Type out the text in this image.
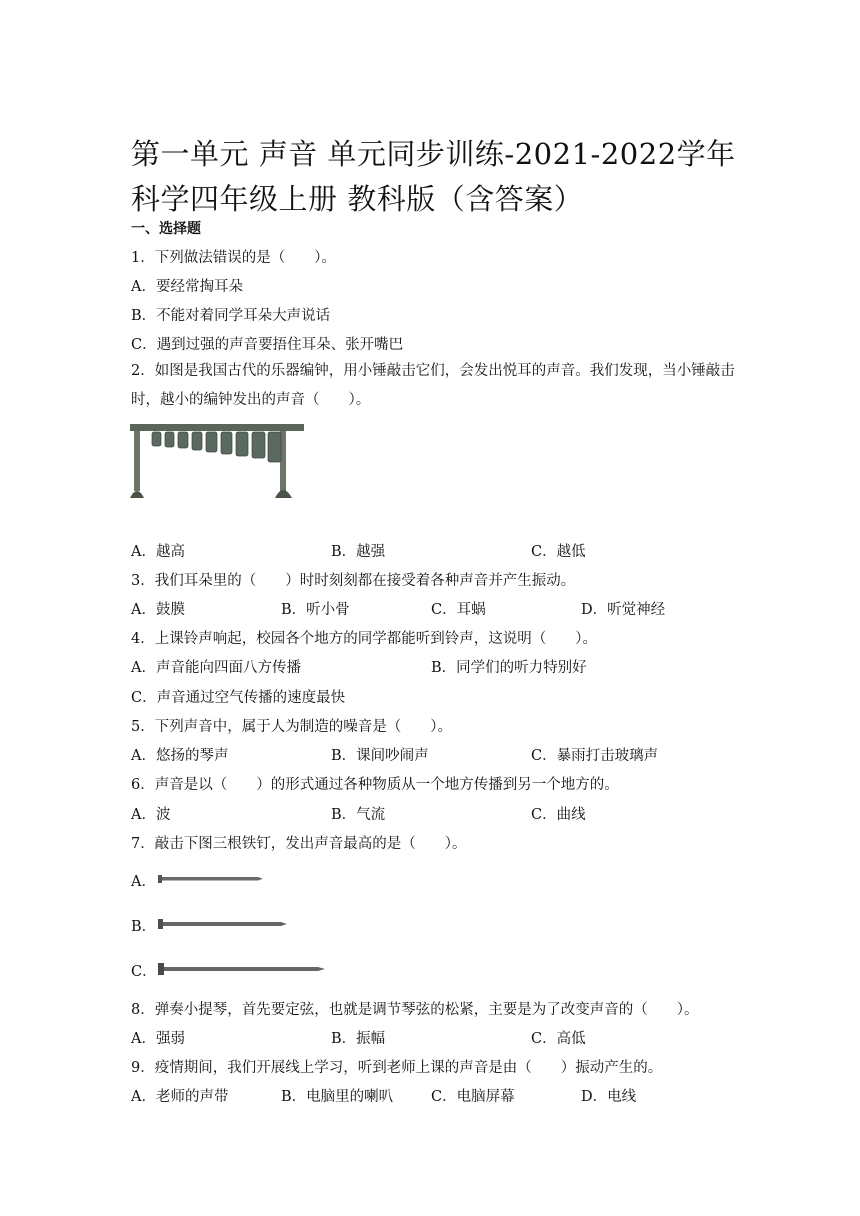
第一单元 声音 单元同步训练-2021-2022学年科学四年级上册 教科版（含答案）
一、选择题
1．下列做法错误的是（　　）。
A．要经常掏耳朵
B．不能对着同学耳朵大声说话
C．遇到过强的声音要捂住耳朵、张开嘴巴
2．如图是我国古代的乐器编钟，用小锤敲击它们，会发出悦耳的声音。我们发现，当小锤敲击时，越小的编钟发出的声音（　　）。
A．越高	B．越强	C．越低
3．我们耳朵里的（　　）时时刻刻都在接受着各种声音并产生振动。
A．鼓膜	B．听小骨	C．耳蜗	D．听觉神经
4．上课铃声响起，校园各个地方的同学都能听到铃声，这说明（　　）。
A．声音能向四面八方传播	B．同学们的听力特别好
C．声音通过空气传播的速度最快
5．下列声音中，属于人为制造的噪音是（　　）。
A．悠扬的琴声	B．课间吵闹声	C．暴雨打击玻璃声
6．声音是以（　　）的形式通过各种物质从一个地方传播到另一个地方的。
A．波	B．气流	C．曲线
7．敲击下图三根铁钉，发出声音最高的是（　　）。
A．
B．
C．
8．弹奏小提琴，首先要定弦，也就是调节琴弦的松紧，主要是为了改变声音的（　　）。
A．强弱	B．振幅	C．高低
9．疫情期间，我们开展线上学习，听到老师上课的声音是由（　　）振动产生的。
A．老师的声带	B．电脑里的喇叭	C．电脑屏幕	D．电线
